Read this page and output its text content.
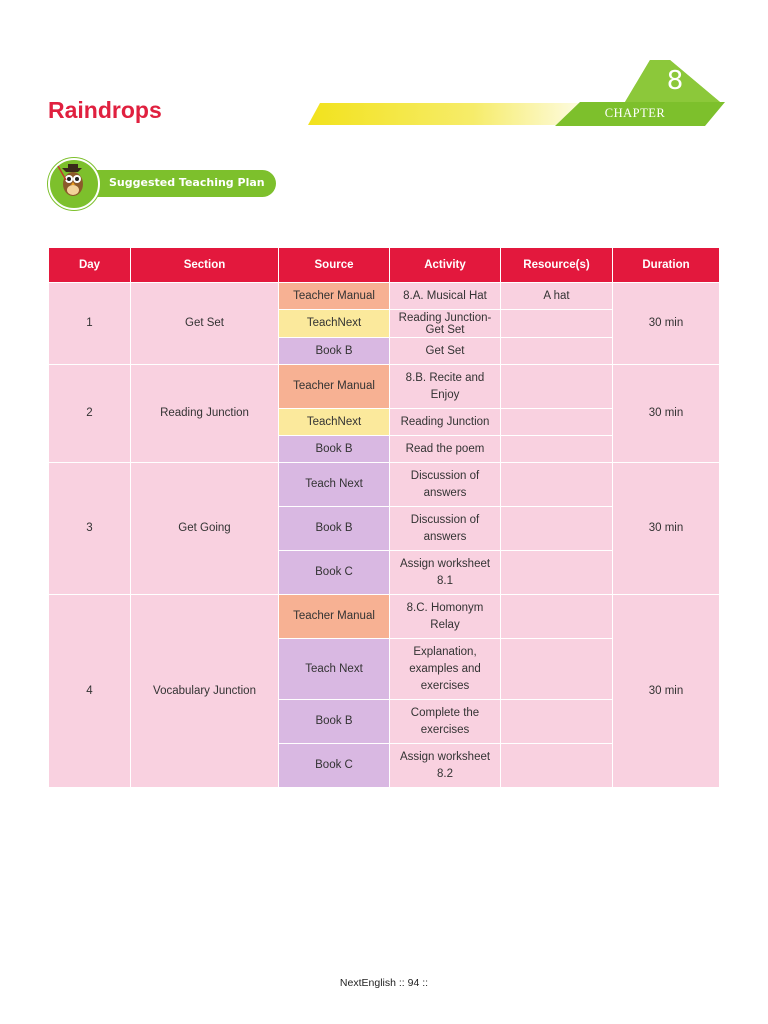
Raindrops
8
CHAPTER
Suggested Teaching Plan
Day	Section	Source	Activity	Resource(s)	Duration
1	Get Set	Teacher Manual	8.A. Musical Hat	A hat	30 min
		TeachNext	Reading Junction-Get Set		
		Book B	Get Set		
2	Reading Junction	Teacher Manual	8.B. Recite and Enjoy		30 min
		TeachNext	Reading Junction		
		Book B	Read the poem		
3	Get Going	Teach Next	Discussion of answers		30 min
		Book B	Discussion of answers		
		Book C	Assign worksheet 8.1		
4	Vocabulary Junction	Teacher Manual	8.C. Homonym Relay		30 min
		Teach Next	Explanation, examples and exercises		
		Book B	Complete the exercises		
		Book C	Assign worksheet 8.2		
NextEnglish :: 94 ::
